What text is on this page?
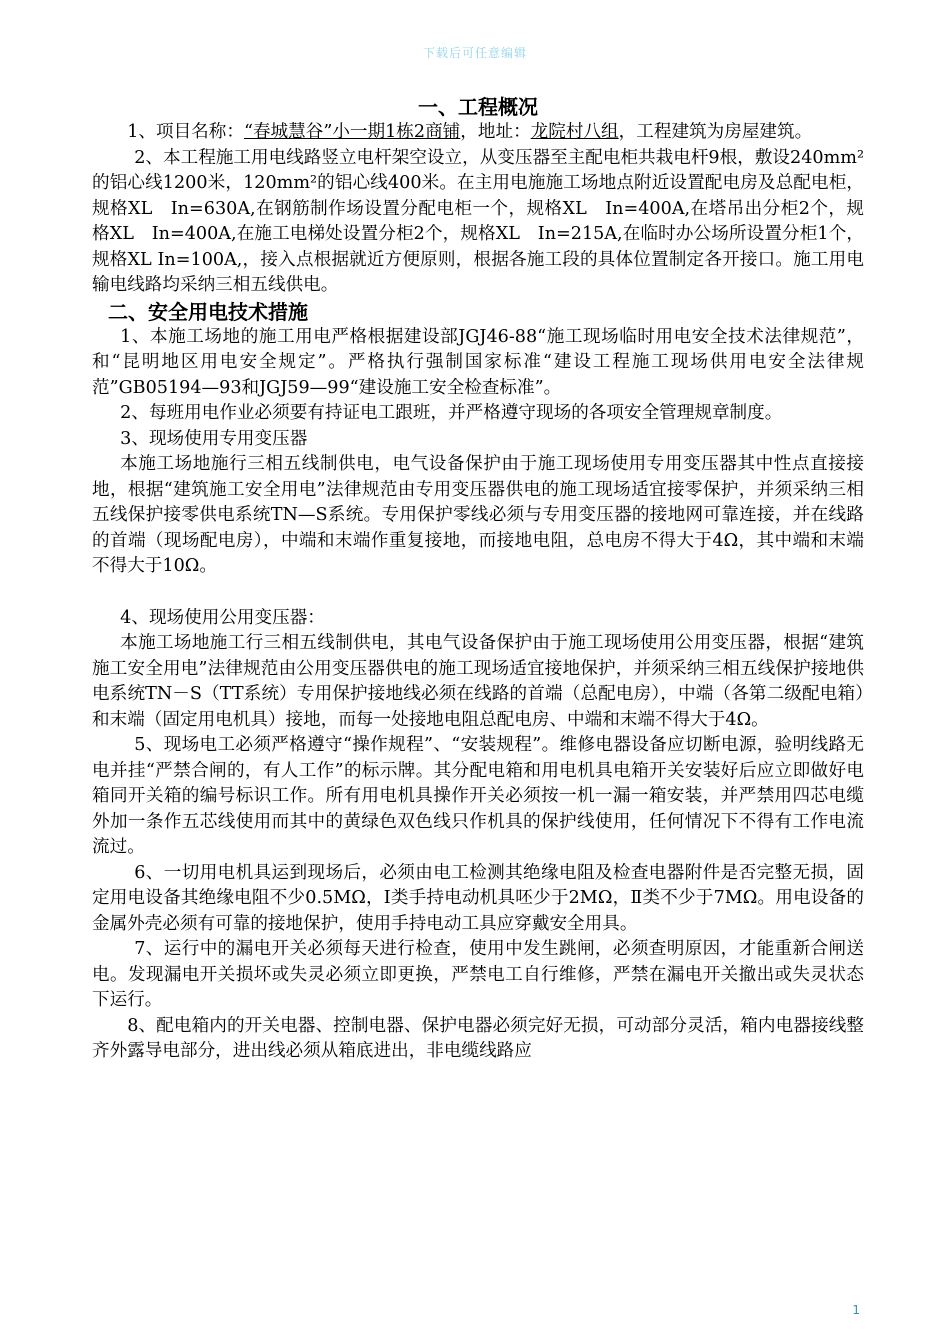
下载后可任意编辑
一、工程概况

1、项目名称：“春城慧谷”小一期1栋2商铺，地址：龙院村八组，工程建筑为房屋建筑。

2、本工程施工用电线路竖立电杆架空设立，从变压器至主配电柜共栽电杆9根，敷设240mm²的铝心线1200米，120mm²的铝心线400米。在主用电施施工场地点附近设置配电房及总配电柜，规格XL　In=630A,在钢筋制作场设置分配电柜一个，规格XL　In=400A,在塔吊出分柜2个，规格XL　In=400A,在施工电梯处设置分柜2个，规格XL　In=215A,在临时办公场所设置分柜1个，规格XL In=100A,，接入点根据就近方便原则，根据各施工段的具体位置制定各开接口。施工用电输电线路均采纳三相五线供电。

二、安全用电技术措施

1、本施工场地的施工用电严格根据建设部JGJ46-88“施工现场临时用电安全技术法律规范”，和“昆明地区用电安全规定”。严格执行强制国家标准“建设工程施工现场供用电安全法律规范”GB05194—93和JGJ59—99“建设施工安全检查标准”。

2、每班用电作业必须要有持证电工跟班，并严格遵守现场的各项安全管理规章制度。

3、现场使用专用变压器

本施工场地施行三相五线制供电，电气设备保护由于施工现场使用专用变压器其中性点直接接地，根据“建筑施工安全用电”法律规范由专用变压器供电的施工现场适宜接零保护，并须采纳三相五线保护接零供电系统TN—S系统。专用保护零线必须与专用变压器的接地网可靠连接，并在线路的首端（现场配电房），中端和末端作重复接地，而接地电阻，总电房不得大于4Ω，其中端和末端不得大于10Ω。

4、现场使用公用变压器：

本施工场地施工行三相五线制供电，其电气设备保护由于施工现场使用公用变压器，根据“建筑施工安全用电”法律规范由公用变压器供电的施工现场适宜接地保护，并须采纳三相五线保护接地供电系统TN－S（TT系统）专用保护接地线必须在线路的首端（总配电房），中端（各第二级配电箱）和末端（固定用电机具）接地，而每一处接地电阻总配电房、中端和末端不得大于4Ω。

5、现场电工必须严格遵守“操作规程”、“安装规程”。维修电器设备应切断电源，验明线路无电并挂“严禁合闸的，有人工作”的标示牌。其分配电箱和用电机具电箱开关安装好后应立即做好电箱同开关箱的编号标识工作。所有用电机具操作开关必须按一机一漏一箱安装，并严禁用四芯电缆外加一条作五芯线使用而其中的黄绿色双色线只作机具的保护线使用，任何情况下不得有工作电流流过。

6、一切用电机具运到现场后，必须由电工检测其绝缘电阻及检查电器附件是否完整无损，固定用电设备其绝缘电阻不少0.5MΩ，Ⅰ类手持电动机具呸少于2MΩ，Ⅱ类不少于7MΩ。用电设备的金属外壳必须有可靠的接地保护，使用手持电动工具应穿戴安全用具。

7、运行中的漏电开关必须每天进行检查，使用中发生跳闸，必须查明原因，才能重新合闸送电。发现漏电开关损坏或失灵必须立即更换，严禁电工自行维修，严禁在漏电开关撤出或失灵状态下运行。

8、配电箱内的开关电器、控制电器、保护电器必须完好无损，可动部分灵活，箱内电器接线整齐外露导电部分，进出线必须从箱底进出，非电缆线路应

1
